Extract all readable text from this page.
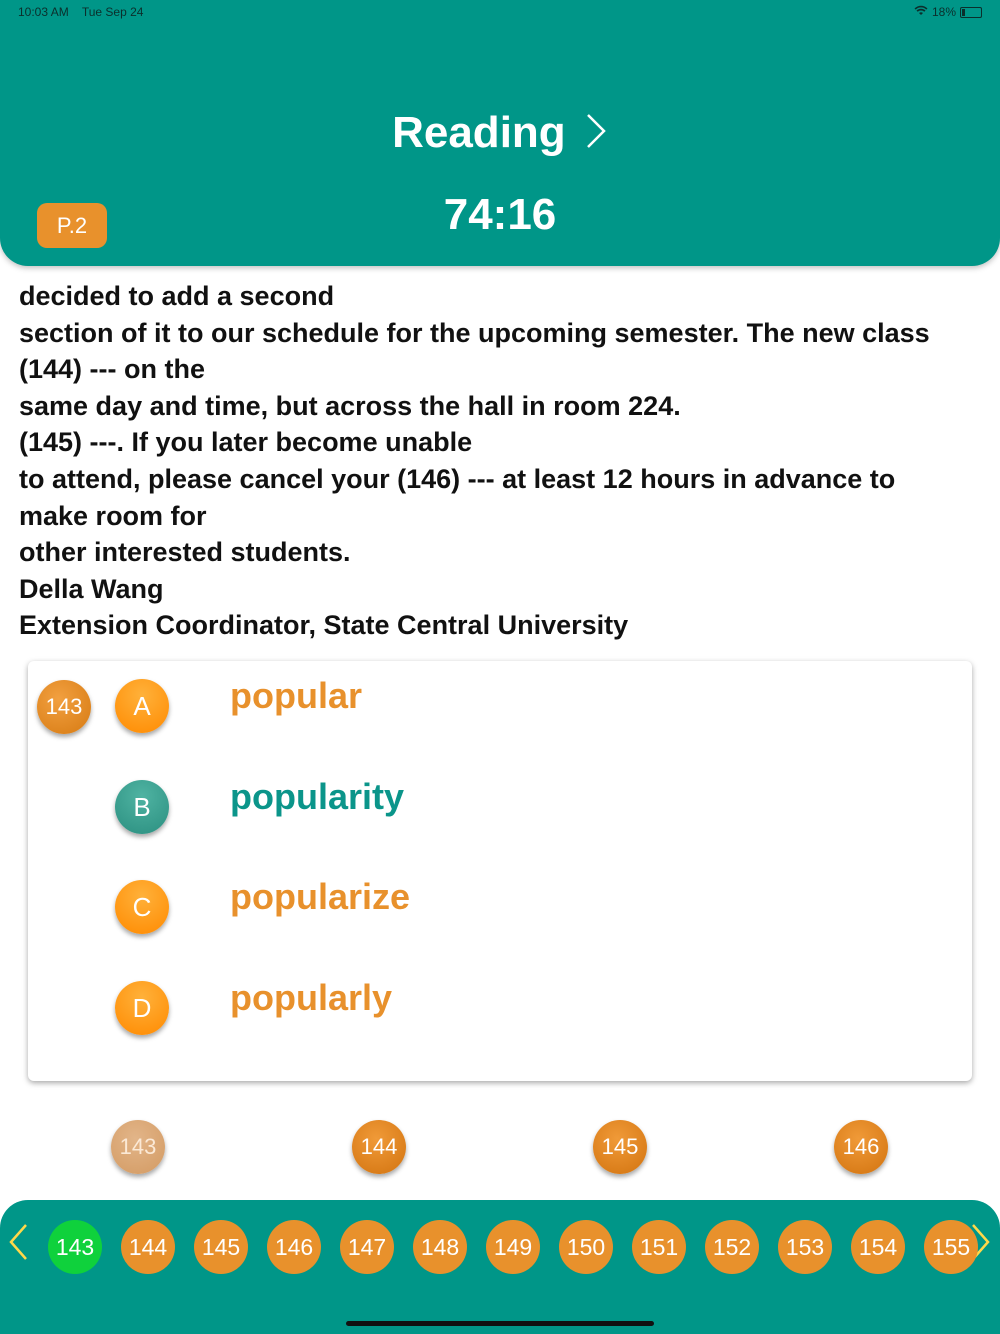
10:03 AM Tue Sep 24	18%
Reading
74:16
P.2
decided to add a second
section of it to our schedule for the upcoming semester. The new class
(144) --- on the
same day and time, but across the hall in room 224.
(145) ---. If you later become unable
to attend, please cancel your (146) --- at least 12 hours in advance to
make room for
other interested students.
Della Wang
Extension Coordinator, State Central University
143	A	popular
B	popularity
C	popularize
D	popularly
143	144	145	146
143	144	145	146	147	148	149	150	151	152	153	154	155
